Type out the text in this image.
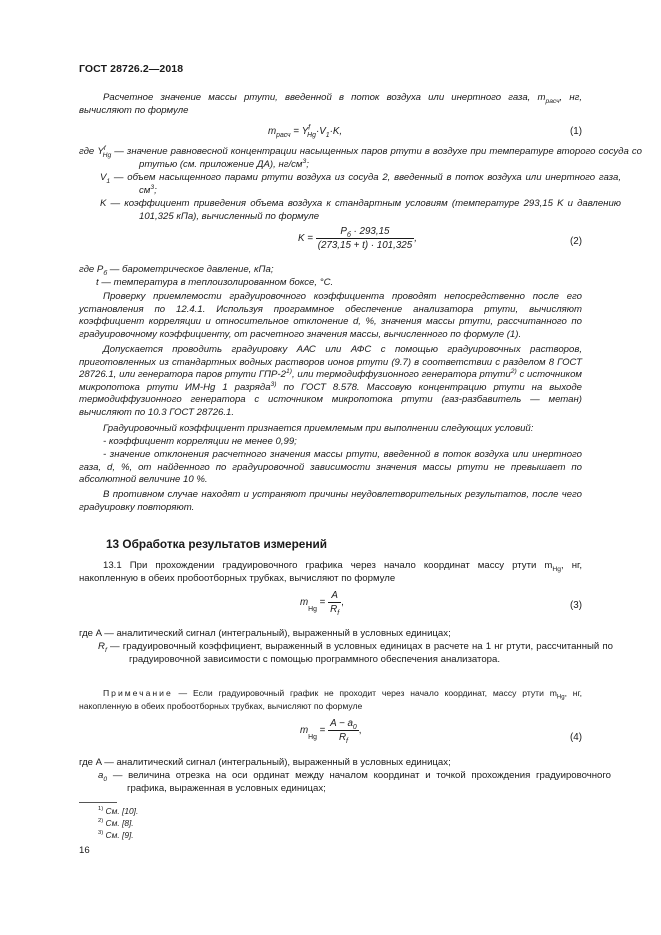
ГОСТ 28726.2—2018
Расчетное значение массы ртути, введенной в поток воздуха или инертного газа, $m_{расч}$, нг, вычисляют по формуле
$m_{расч} = Y^f_{Hg}\cdot V_1\cdot K$,	(1)
где $Y^f_{Hg}$ — значение равновесной концентрации насыщенных паров ртути в воздухе при температуре второго сосуда со ртутью (см. приложение ДА), $нг/см^3$;
$V_1$ — объем насыщенного парами ртути воздуха из сосуда 2, введенный в поток воздуха или инертного газа, $см^3$;
K — коэффициент приведения объема воздуха к стандартным условиям (температуре 293,15 K и давлению 101,325 кПа), вычисленный по формуле
$K = \frac{P_б \cdot 293,15}{(273,15 + t) \cdot 101,325}$ ,	(2)
где $P_б$ — барометрическое давление, кПа;
t — температура в теплоизолированном боксе, °С.
Проверку приемлемости градуировочного коэффициента проводят непосредственно после его установления по 12.4.1. Используя программное обеспечение анализатора ртути, вычисляют коэффициент корреляции и относительное отклонение d, %, значения массы ртути, рассчитанного по градуировочному коэффициенту, от расчетного значения массы, вычисленного по формуле (1).
Допускается проводить градуировку ААС или АФС с помощью градуировочных растворов, приготовленных из стандартных водных растворов ионов ртути (9.7) в соответствии с разделом 8 ГОСТ 28726.1, или генератора паров ртути ГПР-2$^{1)}$, или термодиффузионного генератора ртути$^{2)}$ с источником микропотока ртути ИМ-Hg 1 разряда$^{3)}$ по ГОСТ 8.578. Массовую концентрацию ртути на выходе термодиффузионного генератора с источником микропотока ртути (газ-разбавитель — метан) вычисляют по 10.3 ГОСТ 28726.1.
Градуировочный коэффициент признается приемлемым при выполнении следующих условий:
- коэффициент корреляции не менее 0,99;
- значение отклонения расчетного значения массы ртути, введенной в поток воздуха или инертного газа, d, %, от найденного по градуировочной зависимости значения массы ртути не превышает по абсолютной величине 10 %.
В противном случае находят и устраняют причины неудовлетворительных результатов, после чего градуировку повторяют.
13 Обработка результатов измерений
13.1 При прохождении градуировочного графика через начало координат массу ртути $m_{Hg}$, нг, накопленную в обеих пробоотборных трубках, вычисляют по формуле
$m_{Hg} = \frac{A}{R_f}$ ,	(3)
где A — аналитический сигнал (интегральный), выраженный в условных единицах;
$R_f$ — градуировочный коэффициент, выраженный в условных единицах в расчете на 1 нг ртути, рассчитанный по градуировочной зависимости с помощью программного обеспечения анализатора.
Примечание — Если градуировочный график не проходит через начало координат, массу ртути $m_{Hg}$, нг, накопленную в обеих пробоотборных трубках, вычисляют по формуле
$m_{Hg} = \frac{A - a_0}{R_f}$ ,
(4)
где A — аналитический сигнал (интегральный), выраженный в условных единицах;
$a_0$ — величина отрезка на оси ординат между началом координат и точкой прохождения градуировочного графика, выраженная в условных единицах;
$^{1)}$ См. [10].
$^{2)}$ См. [8].
$^{3)}$ См. [9].
16
